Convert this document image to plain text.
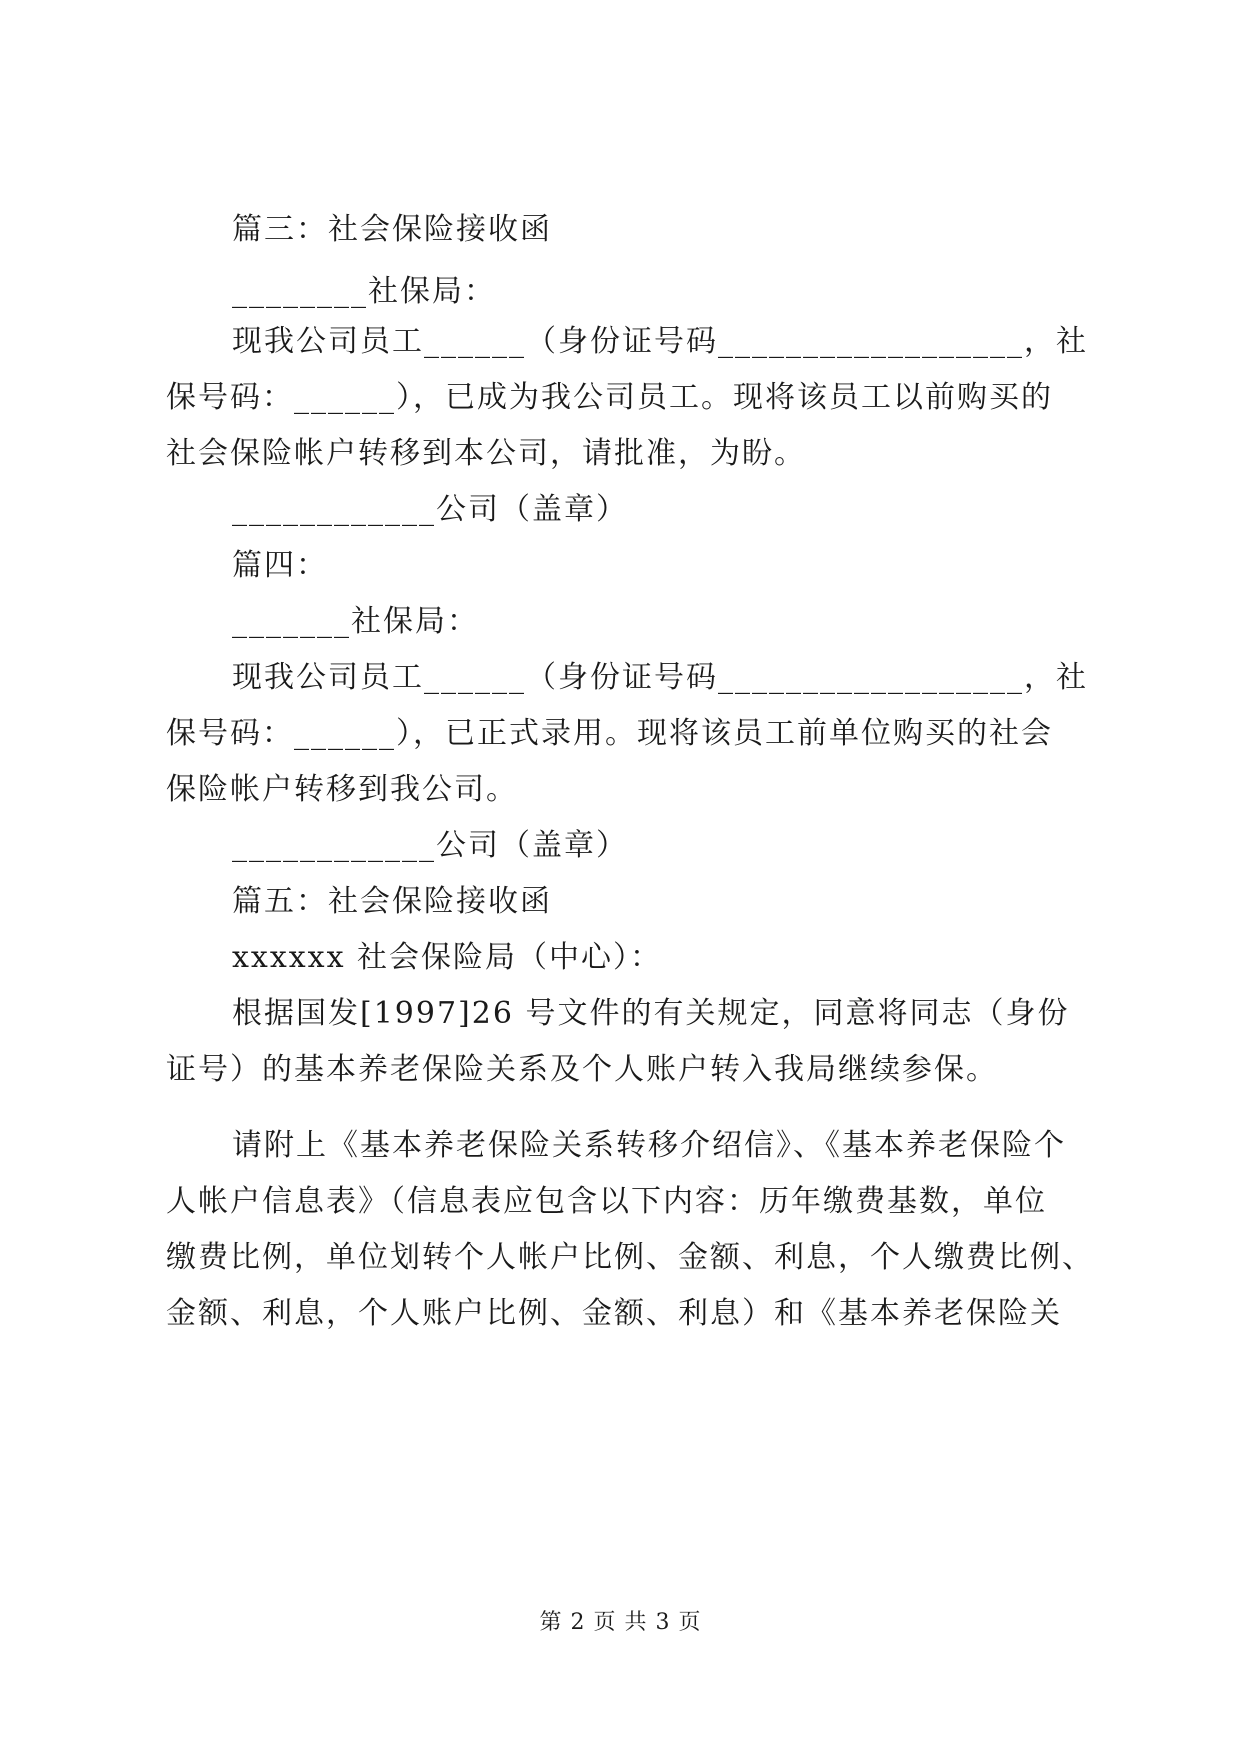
篇三：社会保险接收函
________社保局：
现我公司员工______（身份证号码__________________，社
保号码：______），已成为我公司员工。现将该员工以前购买的
社会保险帐户转移到本公司，请批准，为盼。
____________公司（盖章）
篇四：
_______社保局：
现我公司员工______（身份证号码__________________，社
保号码：______），已正式录用。现将该员工前单位购买的社会
保险帐户转移到我公司。
____________公司（盖章）
篇五：社会保险接收函
xxxxxx 社会保险局（中心）：
根据国发[1997]26 号文件的有关规定，同意将同志（身份
证号）的基本养老保险关系及个人账户转入我局继续参保。
请附上《基本养老保险关系转移介绍信》、《基本养老保险个
人帐户信息表》（信息表应包含以下内容：历年缴费基数，单位
缴费比例，单位划转个人帐户比例、金额、利息，个人缴费比例、
金额、利息，个人账户比例、金额、利息）和《基本养老保险关
第 2 页 共 3 页
